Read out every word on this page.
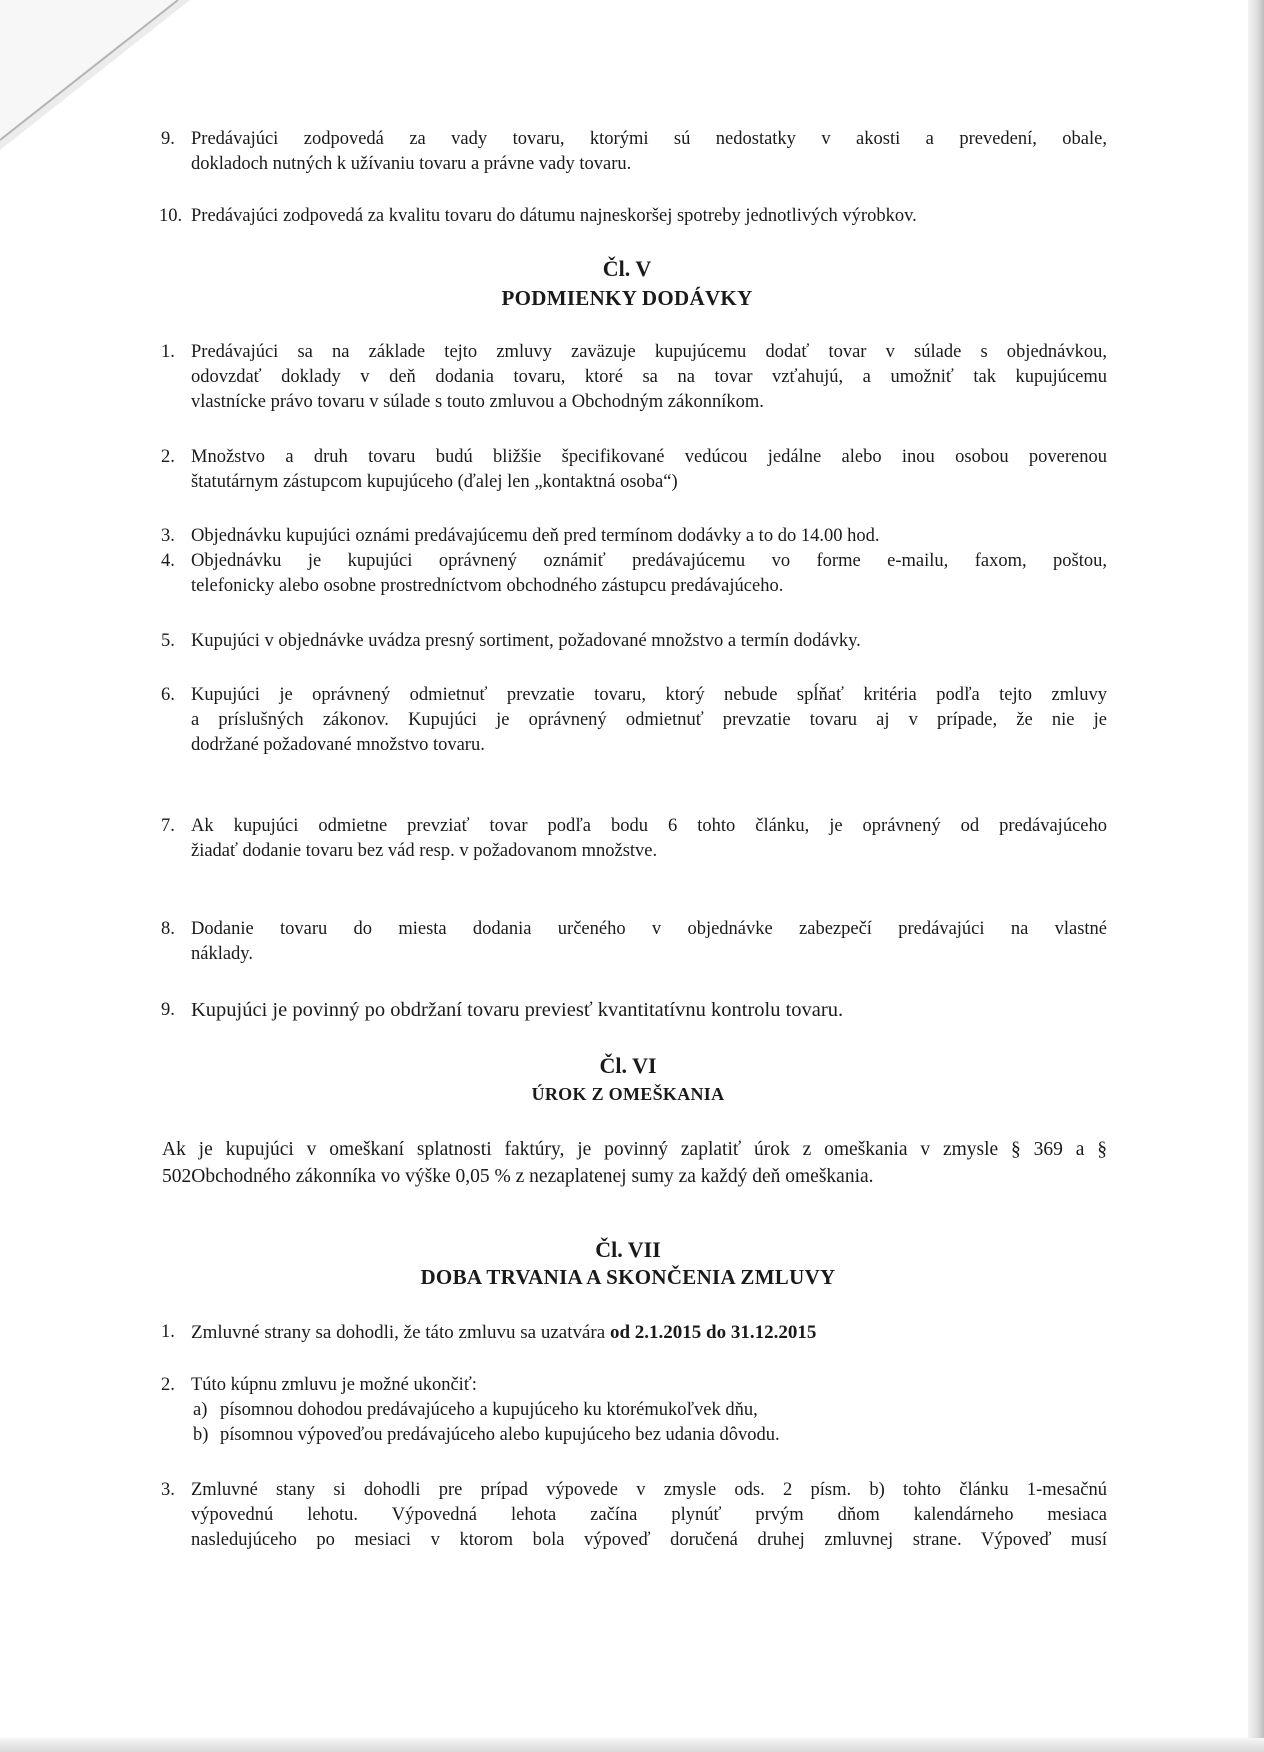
9. Predávajúci zodpovedá za vady tovaru, ktorými sú nedostatky v akosti a prevedení, obale,
dokladoch nutných k užívaniu tovaru a právne vady tovaru.
10. Predávajúci zodpovedá za kvalitu tovaru do dátumu najneskoršej spotreby jednotlivých výrobkov.
Čl. V
PODMIENKY DODÁVKY
1. Predávajúci sa na základe tejto zmluvy zaväzuje kupujúcemu dodať tovar v súlade s objednávkou,
odovzdať doklady v deň dodania tovaru, ktoré sa na tovar vzťahujú, a umožniť tak kupujúcemu
vlastnícke právo tovaru v súlade s touto zmluvou a Obchodným zákonníkom.
2. Množstvo a druh tovaru budú bližšie špecifikované vedúcou jedálne alebo inou osobou poverenou
štatutárnym zástupcom kupujúceho (ďalej len „kontaktná osoba“)
3. Objednávku kupujúci oznámi predávajúcemu deň pred termínom dodávky a to do 14.00 hod.
4. Objednávku je kupujúci oprávnený oznámiť predávajúcemu vo forme e-mailu, faxom, poštou,
telefonicky alebo osobne prostredníctvom obchodného zástupcu predávajúceho.
5. Kupujúci v objednávke uvádza presný sortiment, požadované množstvo a termín dodávky.
6. Kupujúci je oprávnený odmietnuť prevzatie tovaru, ktorý nebude spĺňať kritéria podľa tejto zmluvy
a príslušných zákonov. Kupujúci je oprávnený odmietnuť prevzatie tovaru aj v prípade, že nie je
dodržané požadované množstvo tovaru.
7. Ak kupujúci odmietne prevziať tovar podľa bodu 6 tohto článku, je oprávnený od predávajúceho
žiadať dodanie tovaru bez vád resp. v požadovanom množstve.
8. Dodanie tovaru do miesta dodania určeného v objednávke zabezpečí predávajúci na vlastné
náklady.
9. Kupujúci je povinný po obdržaní tovaru previesť kvantitatívnu kontrolu tovaru.
Čl. VI
ÚROK Z OMEŠKANIA
Ak je kupujúci v omeškaní splatnosti faktúry, je povinný zaplatiť úrok z omeškania v zmysle § 369 a §
502Obchodného zákonníka vo výške 0,05 % z nezaplatenej sumy za každý deň omeškania.
Čl. VII
DOBA TRVANIA A SKONČENIA ZMLUVY
1. Zmluvné strany sa dohodli, že táto zmluvu sa uzatvára od 2.1.2015 do 31.12.2015
2. Túto kúpnu zmluvu je možné ukončiť:
a) písomnou dohodou predávajúceho a kupujúceho ku ktorémukoľvek dňu,
b) písomnou výpoveďou predávajúceho alebo kupujúceho bez udania dôvodu.
3. Zmluvné stany si dohodli pre prípad výpovede v zmysle ods. 2 písm. b) tohto článku 1-mesačnú
výpovednú lehotu. Výpovedná lehota začína plynúť prvým dňom kalendárneho mesiaca
nasledujúceho po mesiaci v ktorom bola výpoveď doručená druhej zmluvnej strane. Výpoveď musí
